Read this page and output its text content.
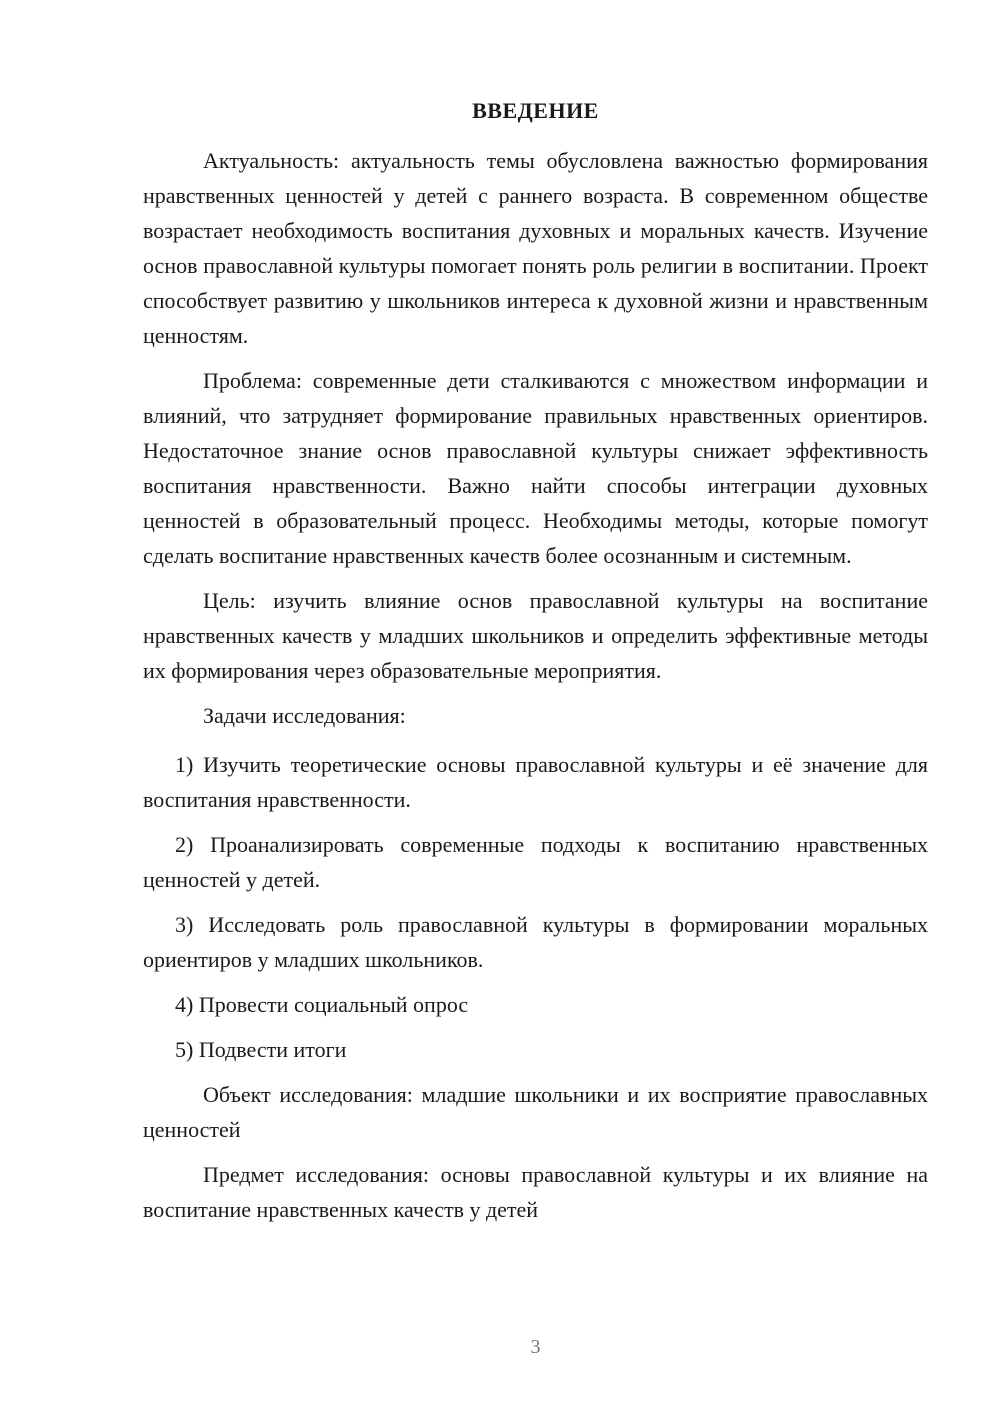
ВВЕДЕНИЕ

Актуальность: актуальность темы обусловлена важностью формирования нравственных ценностей у детей с раннего возраста. В современном обществе возрастает необходимость воспитания духовных и моральных качеств. Изучение основ православной культуры помогает понять роль религии в воспитании. Проект способствует развитию у школьников интереса к духовной жизни и нравственным ценностям.

Проблема: современные дети сталкиваются с множеством информации и влияний, что затрудняет формирование правильных нравственных ориентиров. Недостаточное знание основ православной культуры снижает эффективность воспитания нравственности. Важно найти способы интеграции духовных ценностей в образовательный процесс. Необходимы методы, которые помогут сделать воспитание нравственных качеств более осознанным и системным.

Цель: изучить влияние основ православной культуры на воспитание нравственных качеств у младших школьников и определить эффективные методы их формирования через образовательные мероприятия.

Задачи исследования:

1) Изучить теоретические основы православной культуры и её значение для воспитания нравственности.

2) Проанализировать современные подходы к воспитанию нравственных ценностей у детей.

3) Исследовать роль православной культуры в формировании моральных ориентиров у младших школьников.

4) Провести социальный опрос

5) Подвести итоги

Объект исследования: младшие школьники и их восприятие православных ценностей

Предмет исследования: основы православной культуры и их влияние на воспитание нравственных качеств у детей

3
